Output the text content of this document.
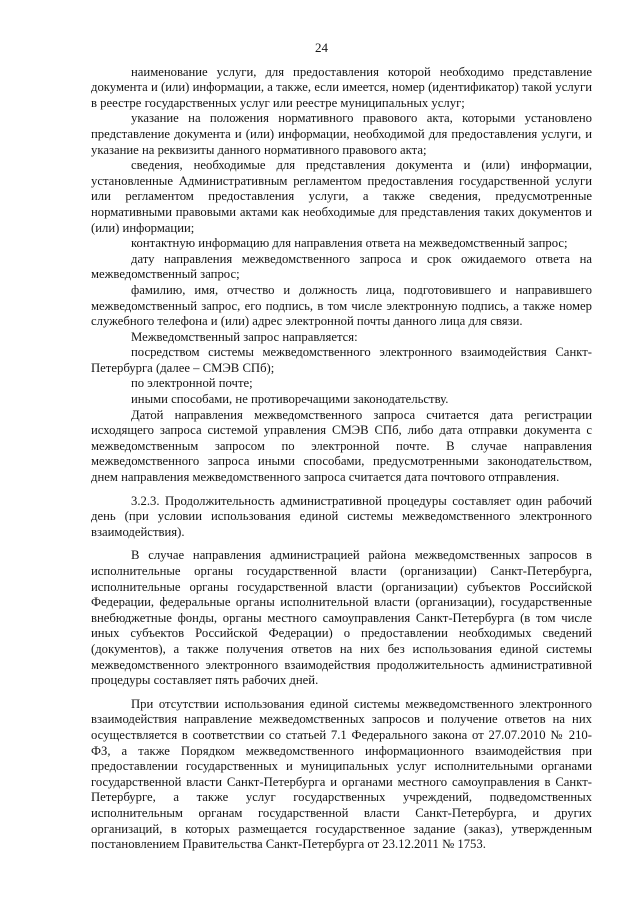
24

наименование услуги, для предоставления которой необходимо представление документа и (или) информации, а также, если имеется, номер (идентификатор) такой услуги в реестре государственных услуг или реестре муниципальных услуг;

указание на положения нормативного правового акта, которыми установлено представление документа и (или) информации, необходимой для предоставления услуги, и указание на реквизиты данного нормативного правового акта;

сведения, необходимые для представления документа и (или) информации, установленные Административным регламентом предоставления государственной услуги или регламентом предоставления услуги, а также сведения, предусмотренные нормативными правовыми актами как необходимые для представления таких документов и (или) информации;

контактную информацию для направления ответа на межведомственный запрос;

дату направления межведомственного запроса и срок ожидаемого ответа на межведомственный запрос;

фамилию, имя, отчество и должность лица, подготовившего и направившего межведомственный запрос, его подпись, в том числе электронную подпись, а также номер служебного телефона и (или) адрес электронной почты данного лица для связи.

Межведомственный запрос направляется:

посредством системы межведомственного электронного взаимодействия Санкт-Петербурга (далее – СМЭВ СПб);

по электронной почте;

иными способами, не противоречащими законодательству.

Датой направления межведомственного запроса считается дата регистрации исходящего запроса системой управления СМЭВ СПб, либо дата отправки документа с межведомственным запросом по электронной почте. В случае направления межведомственного запроса иными способами, предусмотренными законодательством, днем направления межведомственного запроса считается дата почтового отправления.

3.2.3. Продолжительность административной процедуры составляет один рабочий день (при условии использования единой системы межведомственного электронного взаимодействия).

В случае направления администрацией района межведомственных запросов в исполнительные органы государственной власти (организации) Санкт-Петербурга, исполнительные органы государственной власти (организации) субъектов Российской Федерации, федеральные органы исполнительной власти (организации), государственные внебюджетные фонды, органы местного самоуправления Санкт-Петербурга (в том числе иных субъектов Российской Федерации) о предоставлении необходимых сведений (документов), а также получения ответов на них без использования единой системы межведомственного электронного взаимодействия продолжительность административной процедуры составляет пять рабочих дней.

При отсутствии использования единой системы межведомственного электронного взаимодействия направление межведомственных запросов и получение ответов на них осуществляется в соответствии со статьей 7.1 Федерального закона от 27.07.2010 № 210-ФЗ, а также Порядком межведомственного информационного взаимодействия при предоставлении государственных и муниципальных услуг исполнительными органами государственной власти Санкт-Петербурга и органами местного самоуправления в Санкт-Петербурге, а также услуг государственных учреждений, подведомственных исполнительным органам государственной власти Санкт-Петербурга, и других организаций, в которых размещается государственное задание (заказ), утвержденным постановлением Правительства Санкт-Петербурга от 23.12.2011 № 1753.
